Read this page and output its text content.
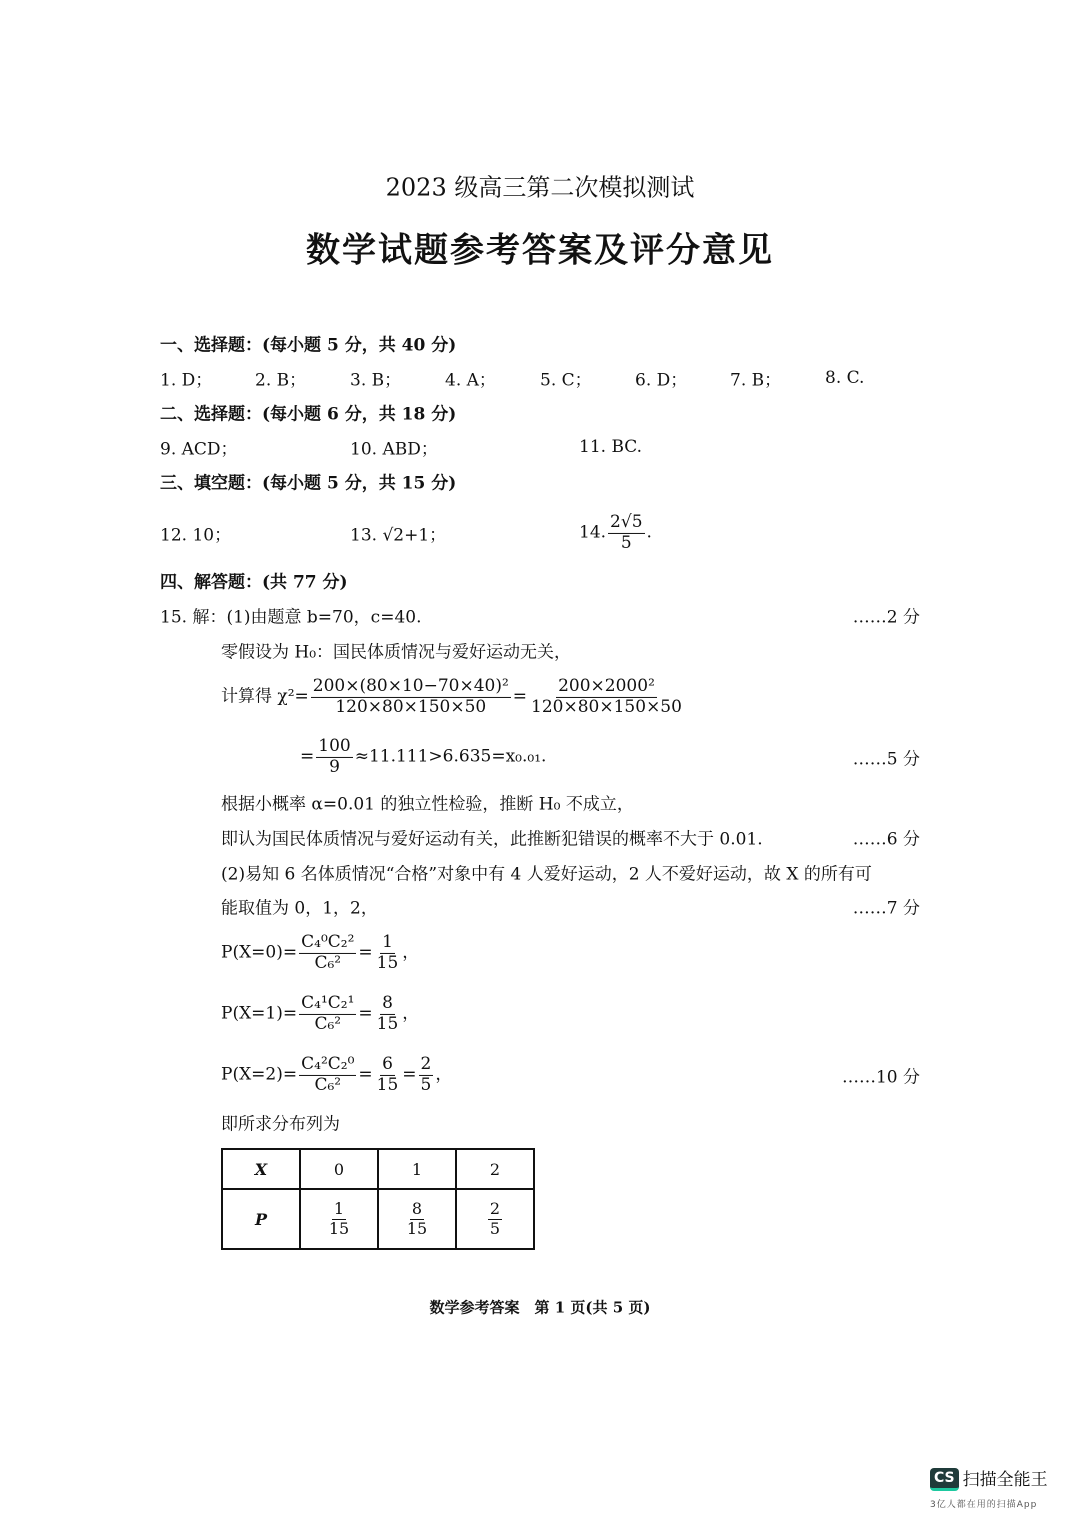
2023 级高三第二次模拟测试
数学试题参考答案及评分意见
一、选择题：(每小题 5 分，共 40 分)
1. D；	2. B；	3. B；	4. A；	5. C；	6. D；	7. B；	8. C.
二、选择题：(每小题 6 分，共 18 分)
9. ACD；	10. ABD；	11. BC.
三、填空题：(每小题 5 分，共 15 分)
12. 10；	13. √2+1；	14. $\frac{2√5}{5}$ .
四、解答题：(共 77 分)
15. 解：(1)由题意 b=70，c=40.	……2 分
零假设为 H₀：国民体质情况与爱好运动无关，
计算得 $\chi^2= \frac{\text{200×(80×10−70×40)²}}{120\times 80\times 150\times 50} = \frac{\text{200×2000²}}{120\times 80\times 150\times 50}$
= $\frac{100}{9} \approx 11.111>6.635=x_0._{01}$.	……5 分
根据小概率 α=0.01 的独立性检验，推断 H₀ 不成立，
即认为国民体质情况与爱好运动有关，此推断犯错误的概率不大于 0.01.	……6 分
(2)易知 6 名体质情况“合格”对象中有 4 人爱好运动，2 人不爱好运动，故 X 的所有可
能取值为 0，1，2，	……7 分
$P(X=0)= \frac{\text{C₄⁰C₂²}}{\text{C₆²}} = \frac{1}{15}$ ，
$P(X=1)= \frac{\text{C₄¹C₂¹}}{\text{C₆²}} = \frac{8}{15}$ ，
$P(X=2)= \frac{\text{C₄²C₂⁰}}{\text{C₆²}} = \frac{6}{15} = \frac{2}{5}$ ，	……10 分
即所求分布列为
X	0	1	2
P	$\frac{1}{15}$	$\frac{8}{15}$	$\frac{2}{5}$
数学参考答案　第 1 页(共 5 页)
CS 扫描全能王
3亿人都在用的扫描App
